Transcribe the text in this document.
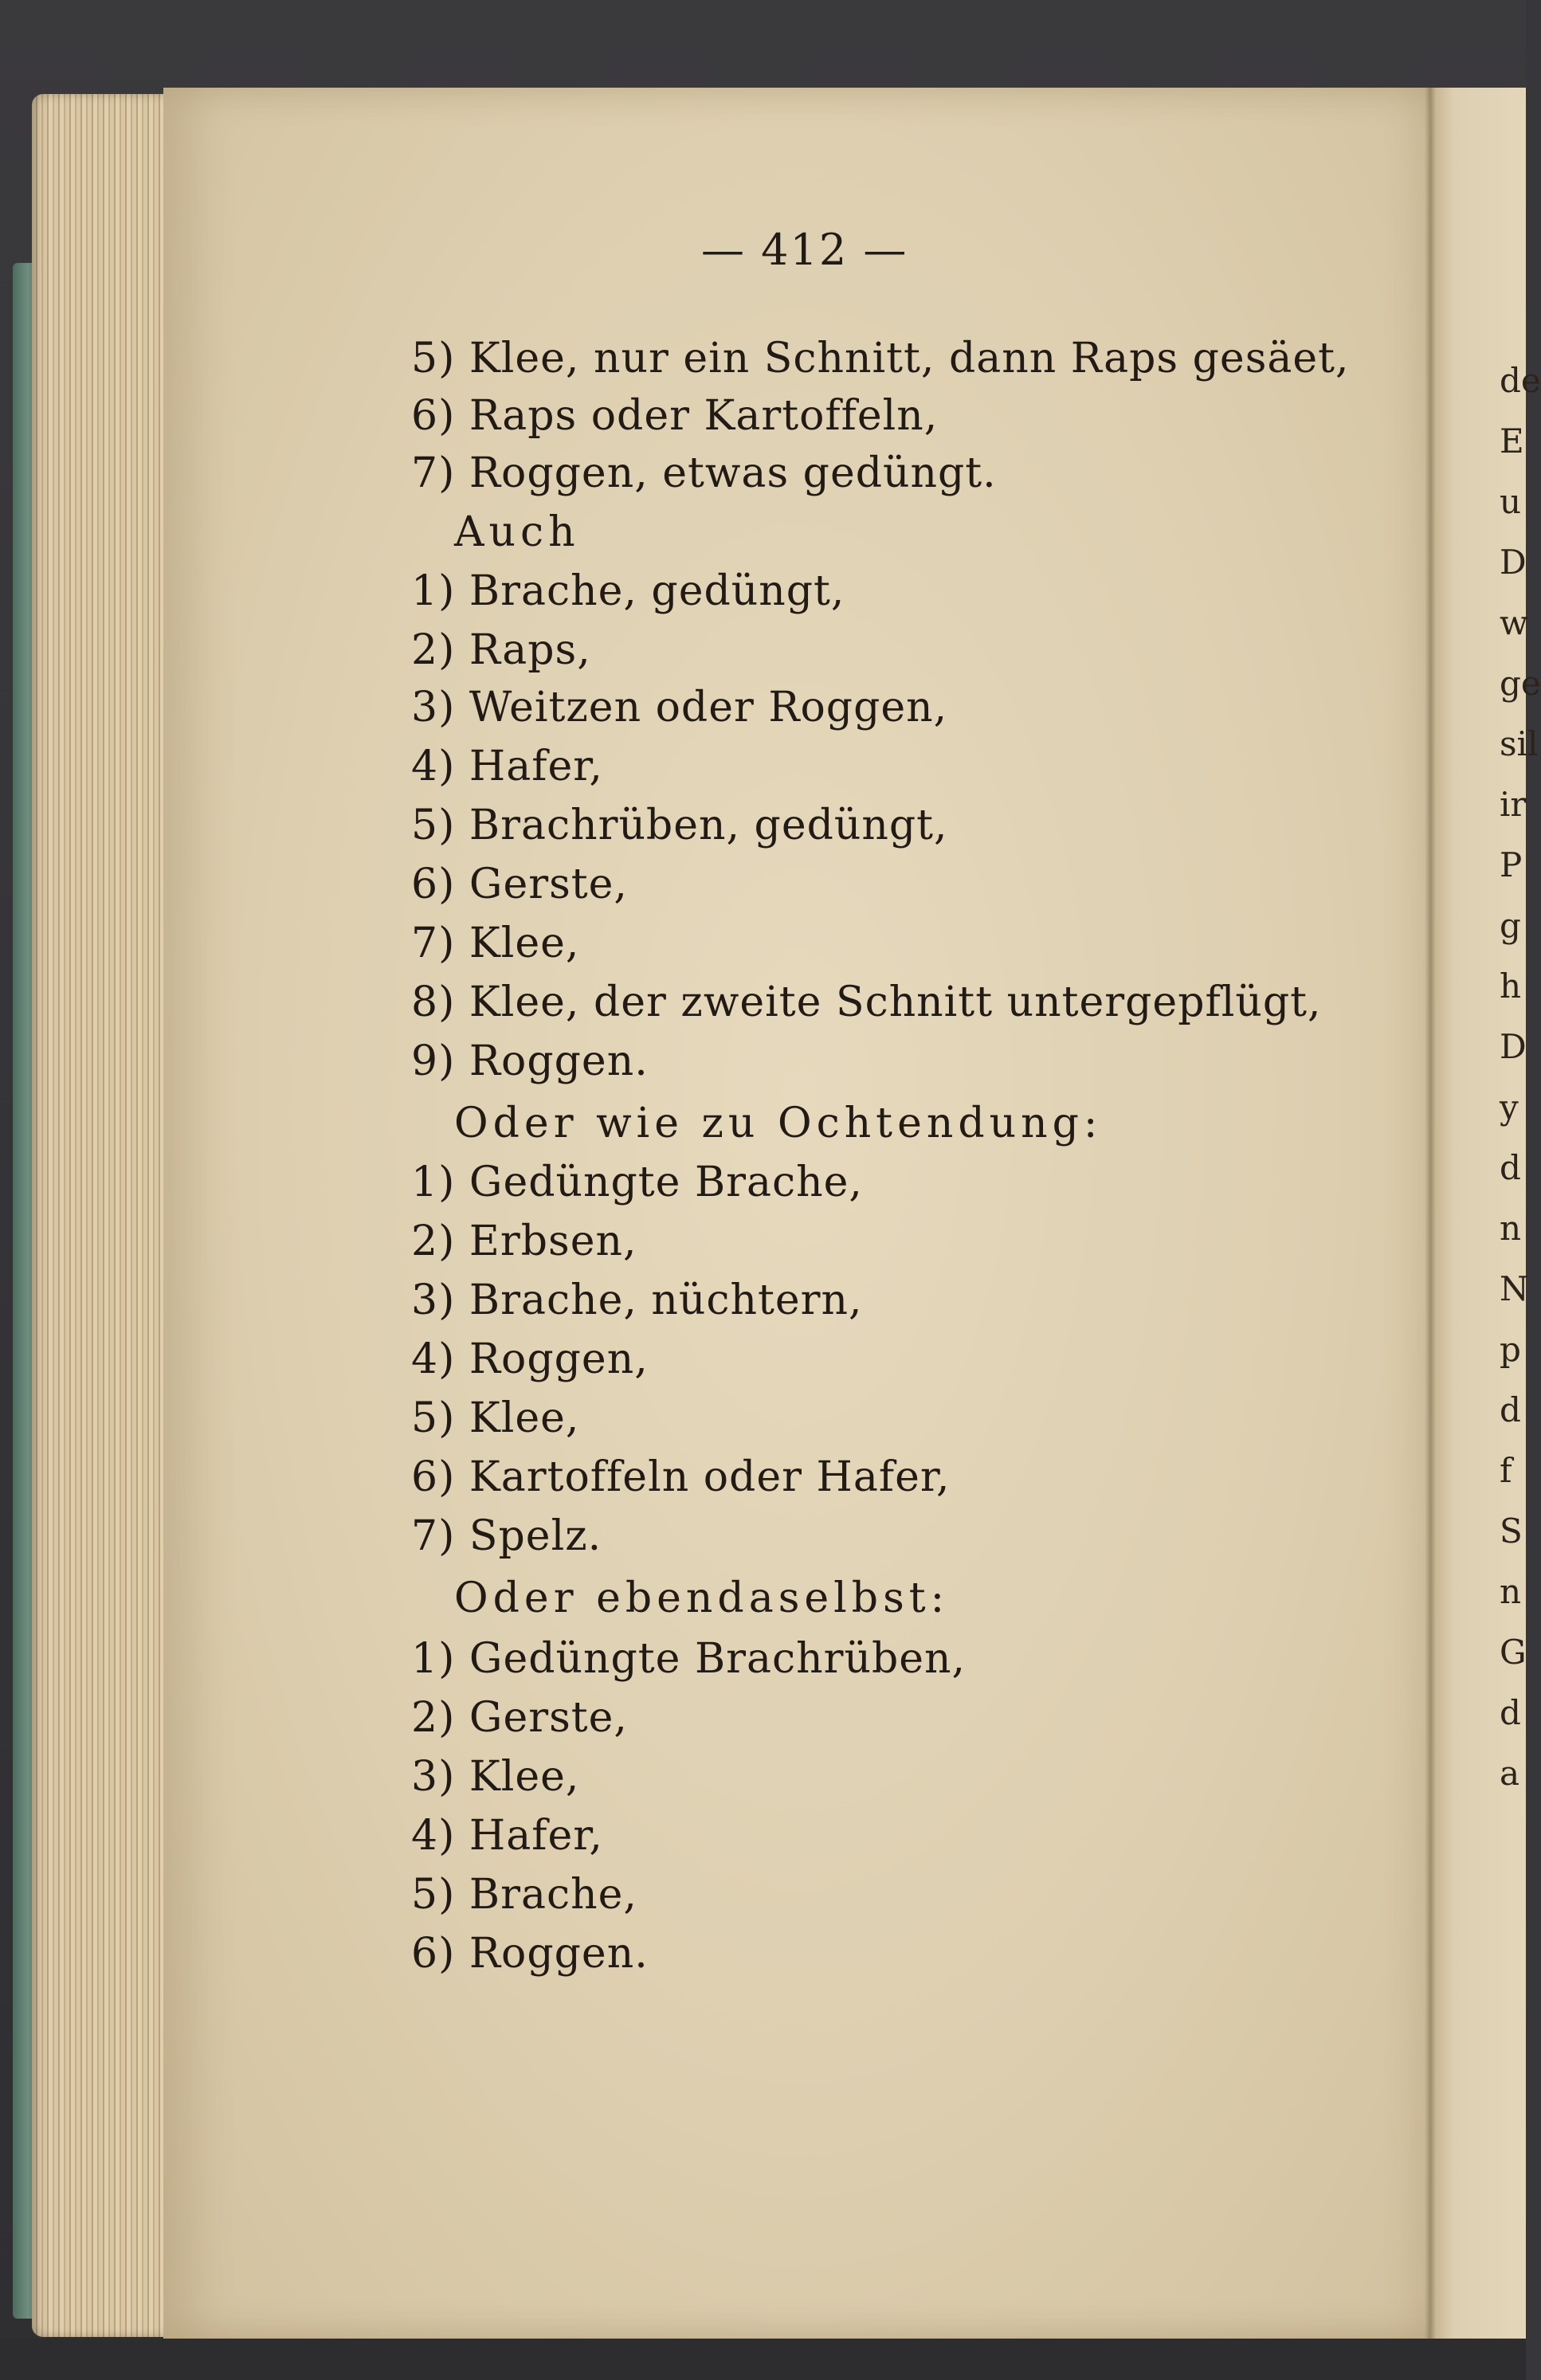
— 412 —
5) Klee, nur ein Schnitt, dann Raps gesäet,
6) Raps oder Kartoffeln,
7) Roggen, etwas gedüngt.
Auch
1) Brache, gedüngt,
2) Raps,
3) Weitzen oder Roggen,
4) Hafer,
5) Brachrüben, gedüngt,
6) Gerste,
7) Klee,
8) Klee, der zweite Schnitt untergepflügt,
9) Roggen.
Oder wie zu Ochtendung:
1) Gedüngte Brache,
2) Erbsen,
3) Brache, nüchtern,
4) Roggen,
5) Klee,
6) Kartoffeln oder Hafer,
7) Spelz.
Oder ebendaselbst:
1) Gedüngte Brachrüben,
2) Gerste,
3) Klee,
4) Hafer,
5) Brache,
6) Roggen.
de
E
u
D
w
ge
sil
ir
P
g
h
D
y
d
n
N
p
d
f
S
n
G
d
a
